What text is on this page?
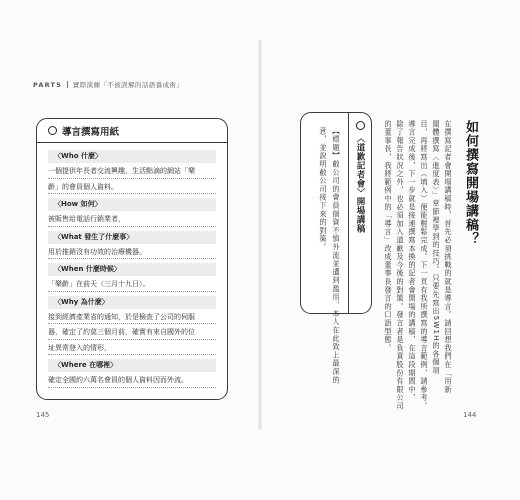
PART5 實際演練「不被誤解的話語養成術」
導言撰寫用紙
〈Who 什麼〉
一個提供年長者交流興趣、生活點滴的網站「樂
齡」的會員個人資料。
〈How 如何〉
被販售給電話行銷業者，
〈What 發生了什麼事〉
用於推銷沒有功效的治療機器。
〈When 什麼時候〉
「樂齡」在前天（三月十九日）。
〈Why 為什麼〉
接到經濟產業省的通知，於是檢查了公司的伺服
器，確定了約莫三個月前，確實有來自國外的位
址異常登入的情形，
〈Where 在哪裡〉
確定全國約六萬名會員的個人資料因而外流。
145	144
如何撰寫開場講稿？
在撰寫記者會開場講稿時，首先必須挑戰的就是導言。請回想我們在「用新
聞體撰寫〈進度表〉」章節裡學到的技巧。只要先寫出5W1H的各個項
目，再將寫出（填入）便能輕鬆完成。下一頁有我所撰寫的導言範例，請參考。
導言完成後，下一步就是接連撰寫本換的記者會開場的講稿，在這段期間中，
除了報告狀況之外，也必須加入道歉及今後的對策。發言者是負責股份有限公司
的董事長，我將範例中的「導言」改成董事長發言的口語型態。
〈道歉記者會〉開場講稿
【標題】敝公司的會員個資不慎外流並遭到濫用，本人在此致上最深的
意，並說明敝公司接下來的對策。
